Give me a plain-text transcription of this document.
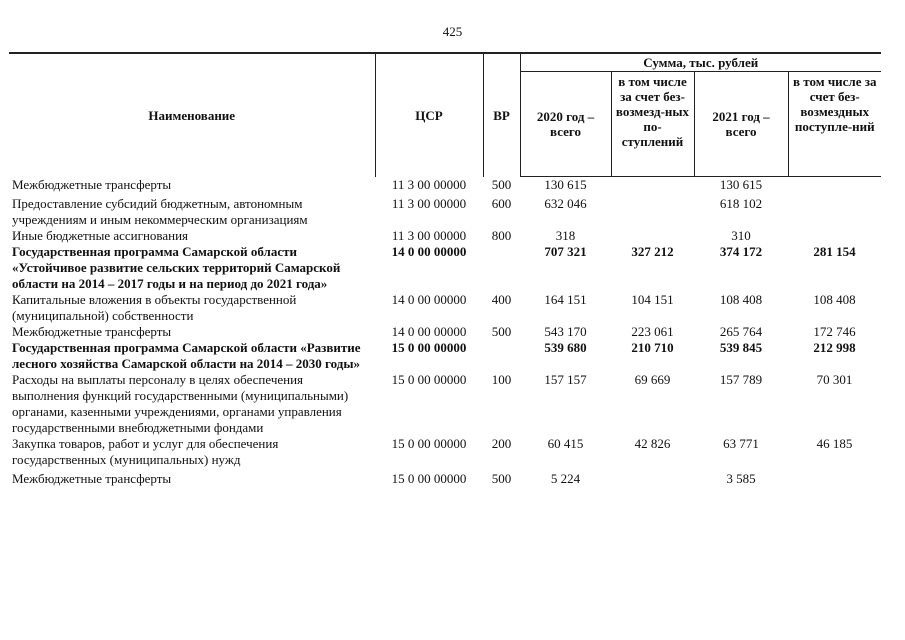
425
Наименование	ЦСР	ВР	Сумма, тыс. рублей			
			2020 год – всего	в том числе за счет без-возмезд-ных по-ступлений	2021 год – всего	в том числе за счет без-возмездных поступле-ний
Межбюджетные трансферты	11 3 00 00000	500	130 615		130 615	
Предоставление субсидий бюджетным, автономным учреждениям и иным некоммерческим организациям	11 3 00 00000	600	632 046		618 102	
Иные бюджетные ассигнования	11 3 00 00000	800	318		310	
Государственная программа Самарской области «Устойчивое развитие сельских территорий Самарской области на 2014 – 2017 годы и на период до 2021 года»	14 0 00 00000		707 321	327 212	374 172	281 154
Капитальные вложения в объекты государственной (муниципальной) собственности	14 0 00 00000	400	164 151	104 151	108 408	108 408
Межбюджетные трансферты	14 0 00 00000	500	543 170	223 061	265 764	172 746
Государственная программа Самарской области «Развитие лесного хозяйства Самарской области на 2014 – 2030 годы»	15 0 00 00000		539 680	210 710	539 845	212 998
Расходы на выплаты персоналу в целях обеспечения выполнения функций государственными (муниципальными) органами, казенными учреждениями, органами управления государственными внебюджетными фондами	15 0 00 00000	100	157 157	69 669	157 789	70 301
Закупка товаров, работ и услуг для обеспечения государственных (муниципальных) нужд	15 0 00 00000	200	60 415	42 826	63 771	46 185
Межбюджетные трансферты	15 0 00 00000	500	5 224		3 585	
